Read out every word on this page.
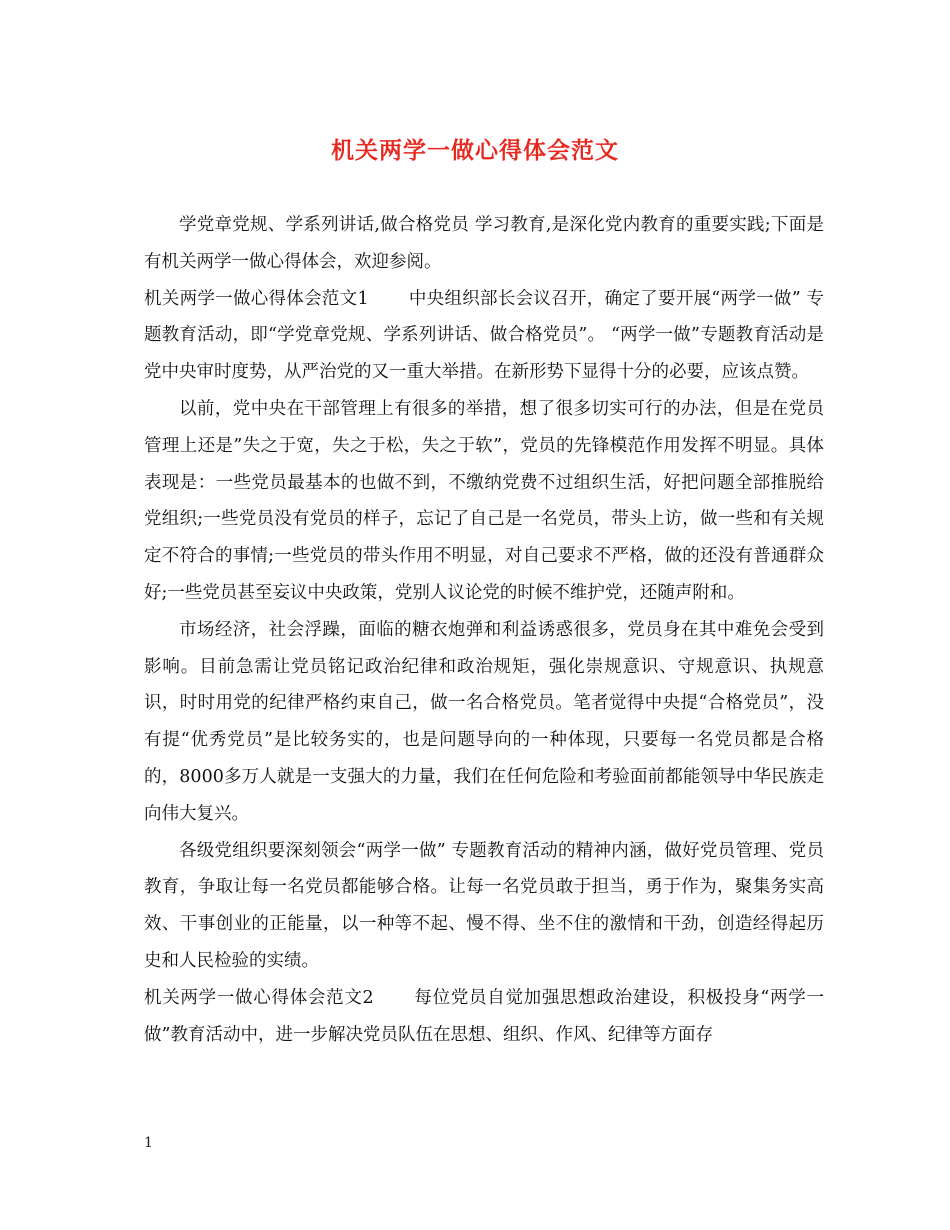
机关两学一做心得体会范文

学党章党规、学系列讲话,做合格党员 学习教育,是深化党内教育的重要实践;下面是有机关两学一做心得体会，欢迎参阅。

机关两学一做心得体会范文1 中央组织部长会议召开，确定了要开展“两学一做” 专题教育活动，即“学党章党规、学系列讲话、做合格党员”。 “两学一做”专题教育活动是党中央审时度势，从严治党的又一重大举措。在新形势下显得十分的必要，应该点赞。

以前，党中央在干部管理上有很多的举措，想了很多切实可行的办法，但是在党员管理上还是”失之于宽，失之于松，失之于软”，党员的先锋模范作用发挥不明显。具体表现是：一些党员最基本的也做不到，不缴纳党费不过组织生活，好把问题全部推脱给党组织;一些党员没有党员的样子，忘记了自己是一名党员，带头上访，做一些和有关规定不符合的事情;一些党员的带头作用不明显，对自己要求不严格，做的还没有普通群众好;一些党员甚至妄议中央政策，党别人议论党的时候不维护党，还随声附和。

市场经济，社会浮躁，面临的糖衣炮弹和利益诱惑很多，党员身在其中难免会受到影响。目前急需让党员铭记政治纪律和政治规矩，强化崇规意识、守规意识、执规意识，时时用党的纪律严格约束自己，做一名合格党员。笔者觉得中央提“合格党员”，没有提“优秀党员”是比较务实的，也是问题导向的一种体现，只要每一名党员都是合格的，8000多万人就是一支强大的力量，我们在任何危险和考验面前都能领导中华民族走向伟大复兴。

各级党组织要深刻领会“两学一做” 专题教育活动的精神内涵，做好党员管理、党员教育，争取让每一名党员都能够合格。让每一名党员敢于担当，勇于作为，聚集务实高效、干事创业的正能量，以一种等不起、慢不得、坐不住的激情和干劲，创造经得起历史和人民检验的实绩。

机关两学一做心得体会范文2 每位党员自觉加强思想政治建设，积极投身“两学一做”教育活动中，进一步解决党员队伍在思想、组织、作风、纪律等方面存

1
